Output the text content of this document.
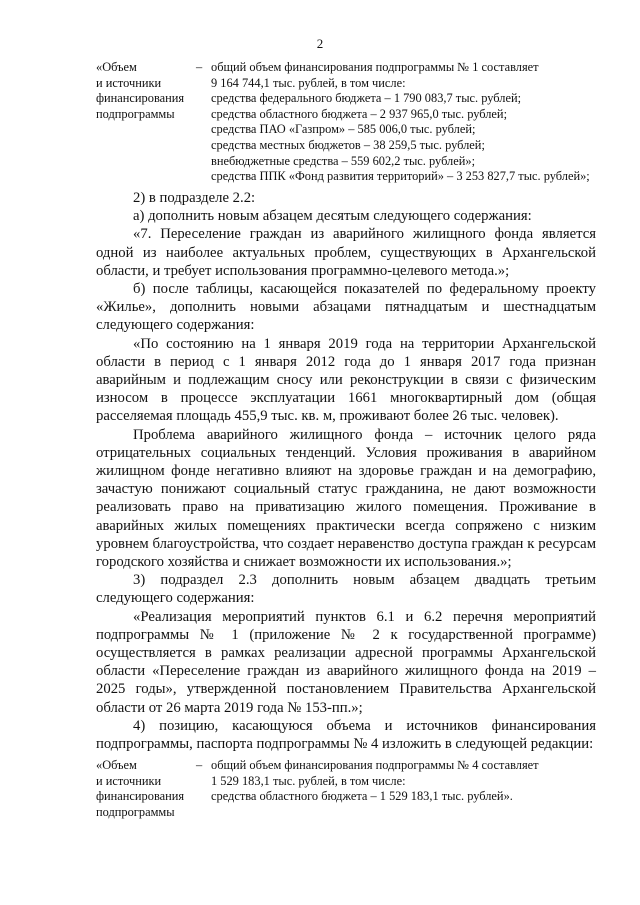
2
«Объем
и источники
финансирования
подпрограммы
– общий объем финансирования подпрограммы № 1 составляет
9 164 744,1 тыс. рублей, в том числе:
средства федерального бюджета – 1 790 083,7 тыс. рублей;
средства областного бюджета – 2 937 965,0 тыс. рублей;
средства ПАО «Газпром» – 585 006,0 тыс. рублей;
средства местных бюджетов – 38 259,5 тыс. рублей;
внебюджетные средства – 559 602,2 тыс. рублей»;
средства ППК «Фонд развития территорий» – 3 253 827,7 тыс. рублей»;

2) в подразделе 2.2:

а) дополнить новым абзацем десятым следующего содержания:

«7. Переселение граждан из аварийного жилищного фонда является одной из наиболее актуальных проблем, существующих в Архангельской области, и требует использования программно-целевого метода.»;

б) после таблицы, касающейся показателей по федеральному проекту «Жилье», дополнить новыми абзацами пятнадцатым и шестнадцатым следующего содержания:

«По состоянию на 1 января 2019 года на территории Архангельской области в период с 1 января 2012 года до 1 января 2017 года признан аварийным и подлежащим сносу или реконструкции в связи с физическим износом в процессе эксплуатации 1661 многоквартирный дом (общая расселяемая площадь 455,9 тыс. кв. м, проживают более 26 тыс. человек).

Проблема аварийного жилищного фонда – источник целого ряда отрицательных социальных тенденций. Условия проживания в аварийном жилищном фонде негативно влияют на здоровье граждан и на демографию, зачастую понижают социальный статус гражданина, не дают возможности реализовать право на приватизацию жилого помещения. Проживание в аварийных жилых помещениях практически всегда сопряжено с низким уровнем благоустройства, что создает неравенство доступа граждан к ресурсам городского хозяйства и снижает возможности их использования.»;

3) подраздел 2.3 дополнить новым абзацем двадцать третьим следующего содержания:

«Реализация мероприятий пунктов 6.1 и 6.2 перечня мероприятий подпрограммы № 1 (приложение № 2 к государственной программе) осуществляется в рамках реализации адресной программы Архангельской области «Переселение граждан из аварийного жилищного фонда на 2019 – 2025 годы», утвержденной постановлением Правительства Архангельской области от 26 марта 2019 года № 153-пп.»;

4) позицию, касающуюся объема и источников финансирования подпрограммы, паспорта подпрограммы № 4 изложить в следующей редакции:

«Объем
и источники
финансирования
подпрограммы
– общий объем финансирования подпрограммы № 4 составляет
1 529 183,1 тыс. рублей, в том числе:
средства областного бюджета – 1 529 183,1 тыс. рублей».
